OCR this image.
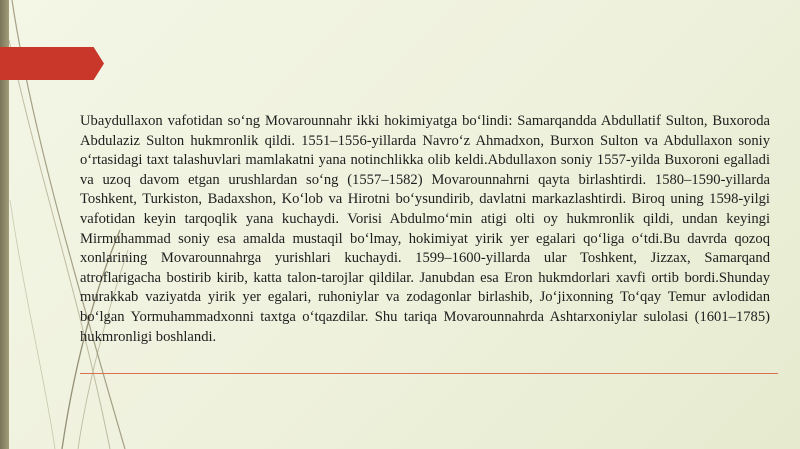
Ubaydullaxon vafotidan so‘ng Movarounnahr ikki hokimiyatga bo‘lindi: Samarqandda Abdullatif Sulton, Buxoroda Abdulaziz Sulton hukmronlik qildi. 1551–1556-yillarda Navro‘z Ahmadxon, Burxon Sulton va Abdullaxon soniy o‘rtasidagi taxt talashuvlari mamlakatni yana notinchlikka olib keldi.Abdullaxon soniy 1557-yilda Buxoroni egalladi va uzoq davom etgan urushlardan so‘ng (1557–1582) Movarounnahrni qayta birlashtirdi. 1580–1590-yillarda Toshkent, Turkiston, Badaxshon, Ko‘lob va Hirotni bo‘ysundirib, davlatni markazlashtirdi. Biroq uning 1598-yilgi vafotidan keyin tarqoqlik yana kuchaydi. Vorisi Abdulmo‘min atigi olti oy hukmronlik qildi, undan keyingi Mirmuhammad soniy esa amalda mustaqil bo‘lmay, hokimiyat yirik yer egalari qo‘liga o‘tdi.Bu davrda qozoq xonlarining Movarounnahrga yurishlari kuchaydi. 1599–1600-yillarda ular Toshkent, Jizzax, Samarqand atroflarigacha bostirib kirib, katta talon-tarojlar qildilar. Janubdan esa Eron hukmdorlari xavfi ortib bordi.Shunday murakkab vaziyatda yirik yer egalari, ruhoniylar va zodagonlar birlashib, Jo‘jixonning To‘qay Temur avlodidan bo‘lgan Yormuhammadxonni taxtga o‘tqazdilar. Shu tariqa Movarounnahrda Ashtarxoniylar sulolasi (1601–1785) hukmronligi boshlandi.
